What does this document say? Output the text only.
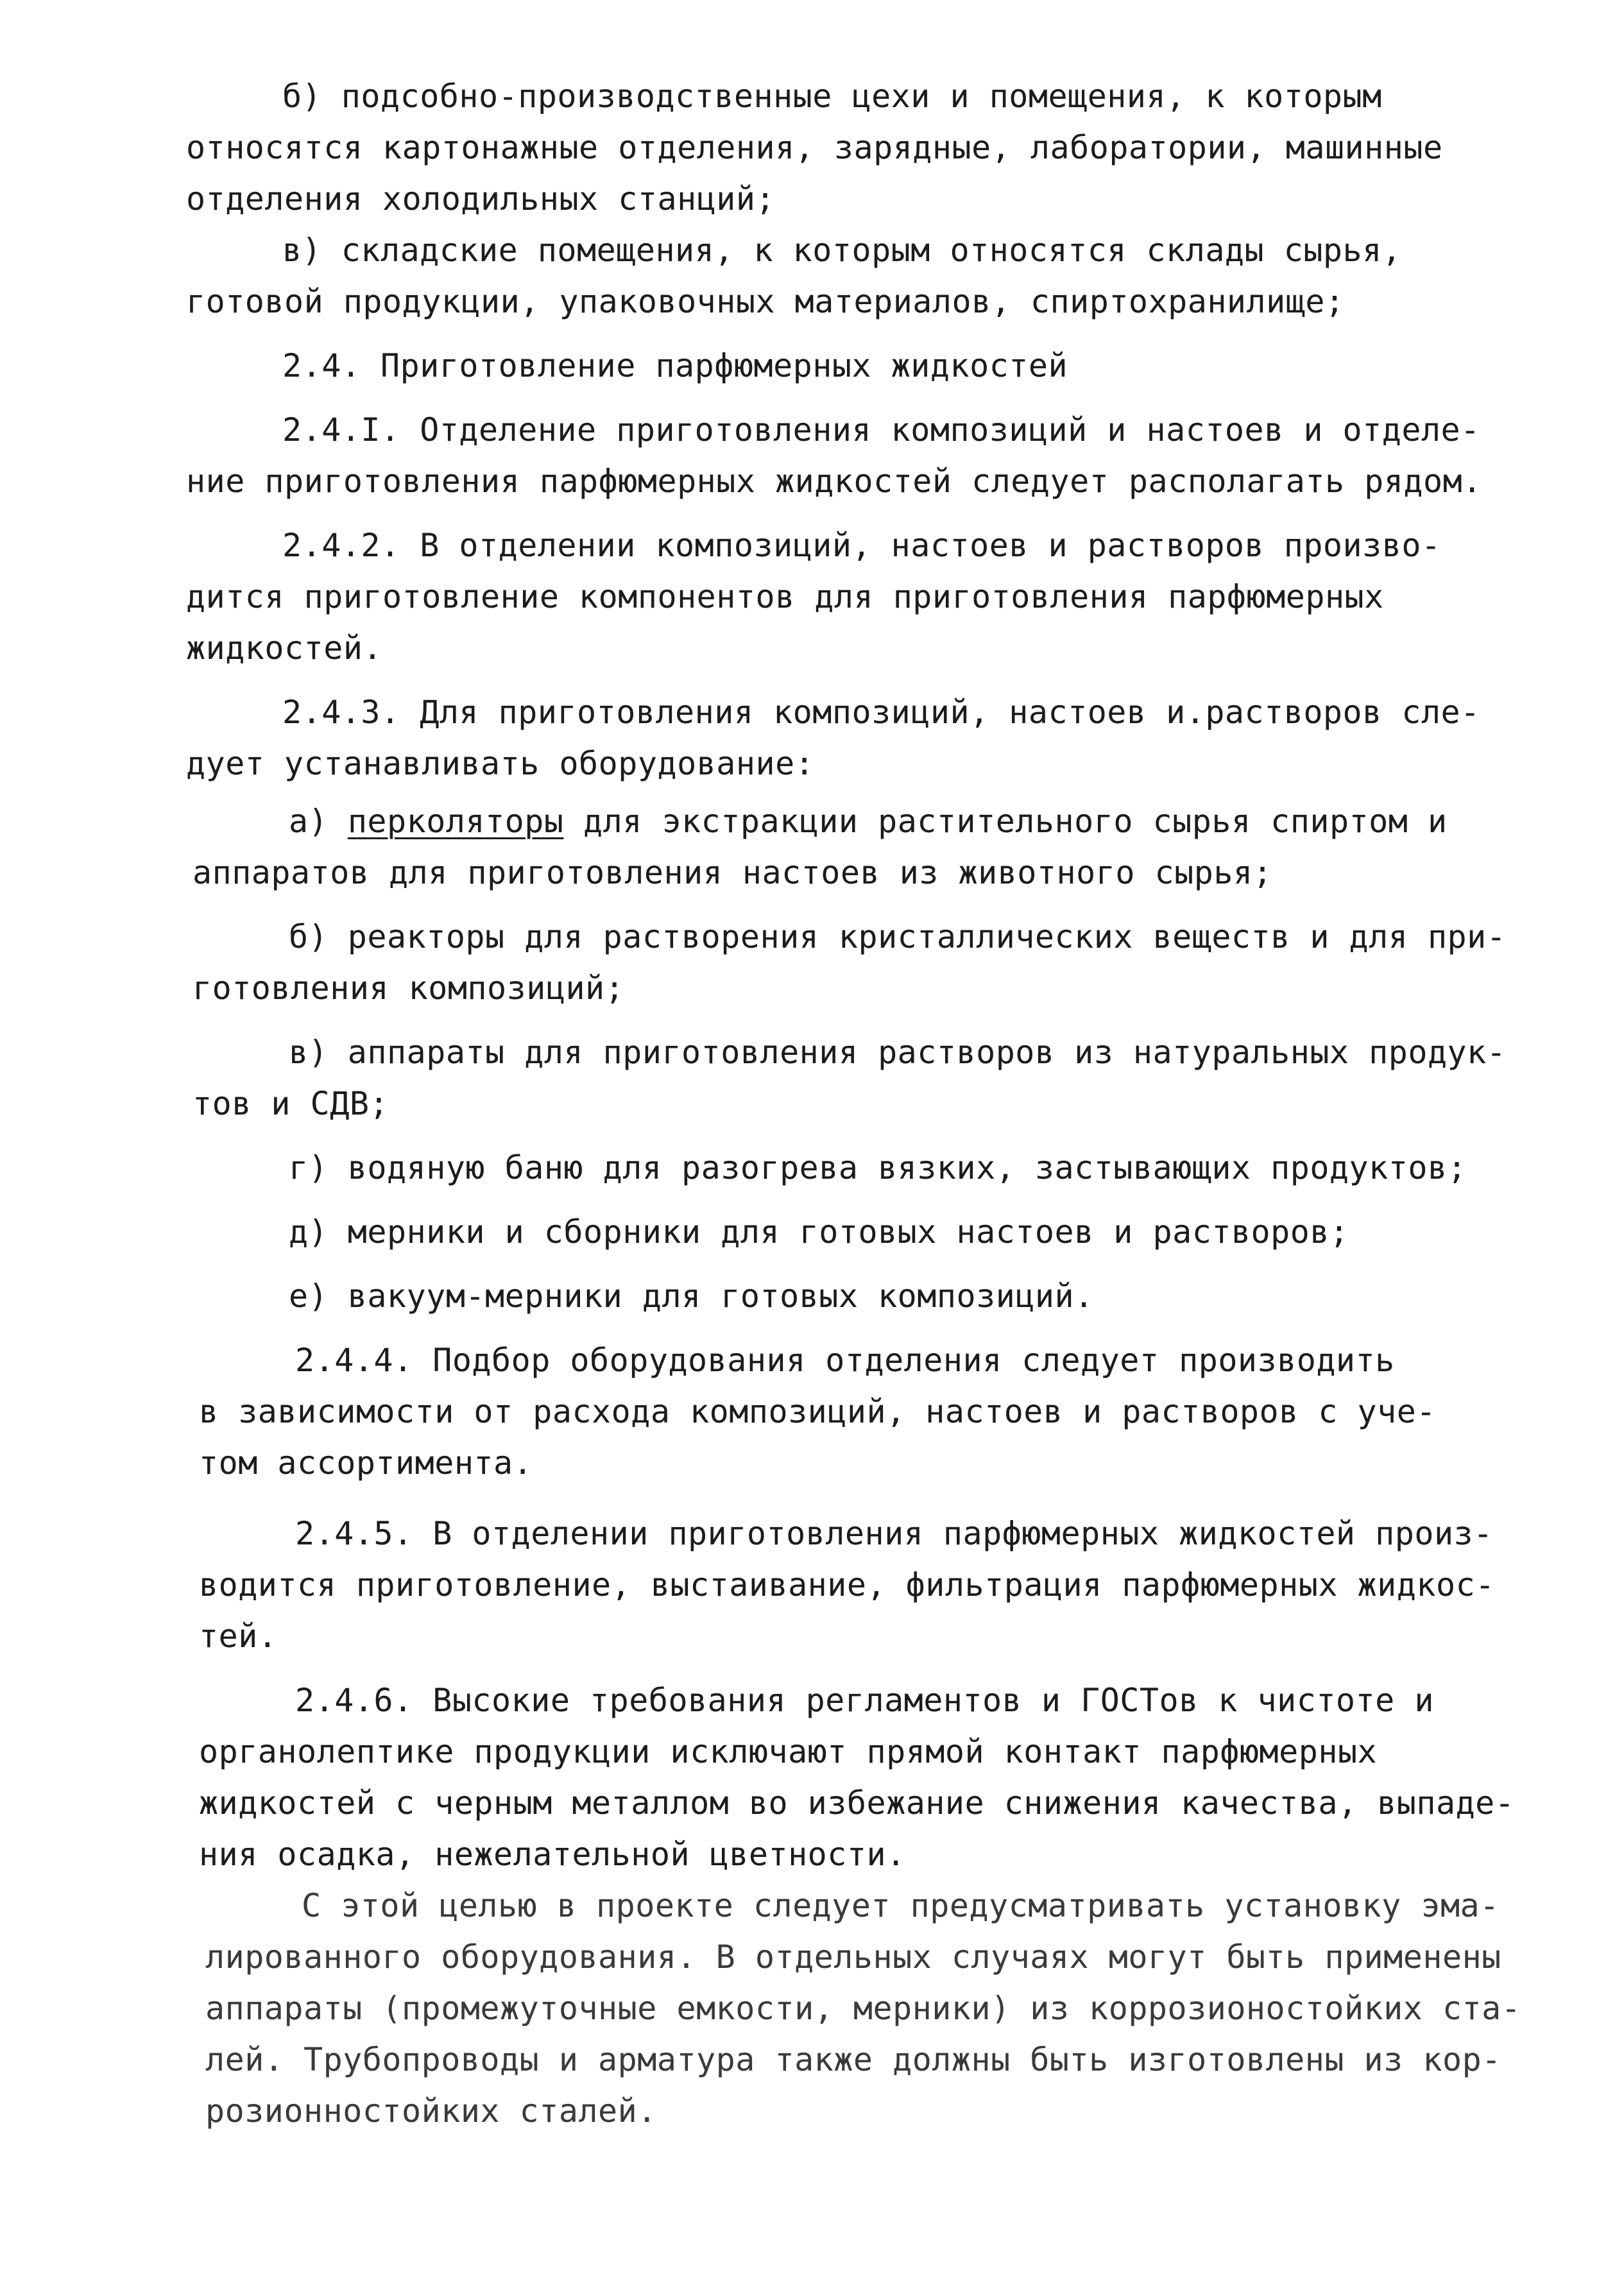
б) подсобно-производственные цехи и помещения, к которым
относятся картонажные отделения, зарядные, лаборатории, машинные
отделения холодильных станций;
в) складские помещения, к которым относятся склады сырья,
готовой продукции, упаковочных материалов, спиртохранилище;
2.4. Приготовление парфюмерных жидкостей
2.4.I. Отделение приготовления композиций и настоев и отделе-
ние приготовления парфюмерных жидкостей следует располагать рядом.
2.4.2. В отделении композиций, настоев и растворов произво-
дится приготовление компонентов для приготовления парфюмерных
жидкостей.
2.4.3. Для приготовления композиций, настоев и.растворов сле-
дует устанавливать оборудование:
а) перколяторы для экстракции растительного сырья спиртом и
аппаратов для приготовления настоев из животного сырья;
б) реакторы для растворения кристаллических веществ и для при-
готовления композиций;
в) аппараты для приготовления растворов из натуральных продук-
тов и СДВ;
г) водяную баню для разогрева вязких, застывающих продуктов;
д) мерники и сборники для готовых настоев и растворов;
е) вакуум-мерники для готовых композиций.
2.4.4. Подбор оборудования отделения следует производить
в зависимости от расхода композиций, настоев и растворов с уче-
том ассортимента.
2.4.5. В отделении приготовления парфюмерных жидкостей произ-
водится приготовление, выстаивание, фильтрация парфюмерных жидкос-
тей.
2.4.6. Высокие требования регламентов и ГОСТов к чистоте и
органолептике продукции исключают прямой контакт парфюмерных
жидкостей с черным металлом во избежание снижения качества, выпаде-
ния осадка, нежелательной цветности.
С этой целью в проекте следует предусматривать установку эма-
лированного оборудования. В отдельных случаях могут быть применены
аппараты (промежуточные емкости, мерники) из коррозионостойких ста-
лей. Трубопроводы и арматура также должны быть изготовлены из кор-
розионностойких сталей.
